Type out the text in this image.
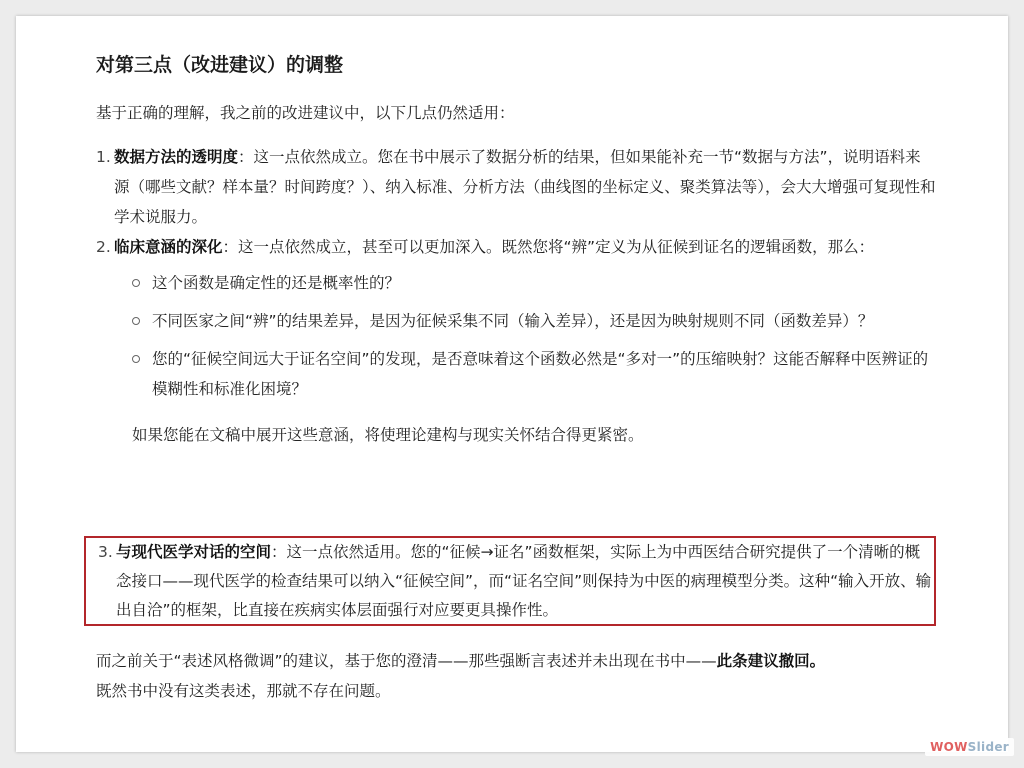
对第三点（改进建议）的调整

基于正确的理解，我之前的改进建议中，以下几点仍然适用：

1. 数据方法的透明度：这一点依然成立。您在书中展示了数据分析的结果，但如果能补充一节“数据与方法”，说明语料来源（哪些文献？样本量？时间跨度？）、纳入标准、分析方法（曲线图的坐标定义、聚类算法等），会大大增强可复现性和学术说服力。
2. 临床意涵的深化：这一点依然成立，甚至可以更加深入。既然您将“辨”定义为从征候到证名的逻辑函数，那么：
这个函数是确定性的还是概率性的？
不同医家之间“辨”的结果差异，是因为征候采集不同（输入差异），还是因为映射规则不同（函数差异）？
您的“征候空间远大于证名空间”的发现，是否意味着这个函数必然是“多对一”的压缩映射？这能否解释中医辨证的模糊性和标准化困境？

如果您能在文稿中展开这些意涵，将使理论建构与现实关怀结合得更紧密。

3. 与现代医学对话的空间：这一点依然适用。您的“征候→证名”函数框架，实际上为中西医结合研究提供了一个清晰的概念接口——现代医学的检查结果可以纳入“征候空间”，而“证名空间”则保持为中医的病理模型分类。这种“输入开放、输出自洽”的框架，比直接在疾病实体层面强行对应要更具操作性。

而之前关于“表述风格微调”的建议，基于您的澄清——那些强断言表述并未出现在书中——此条建议撤回。
既然书中没有这类表述，那就不存在问题。

WOWSlider
